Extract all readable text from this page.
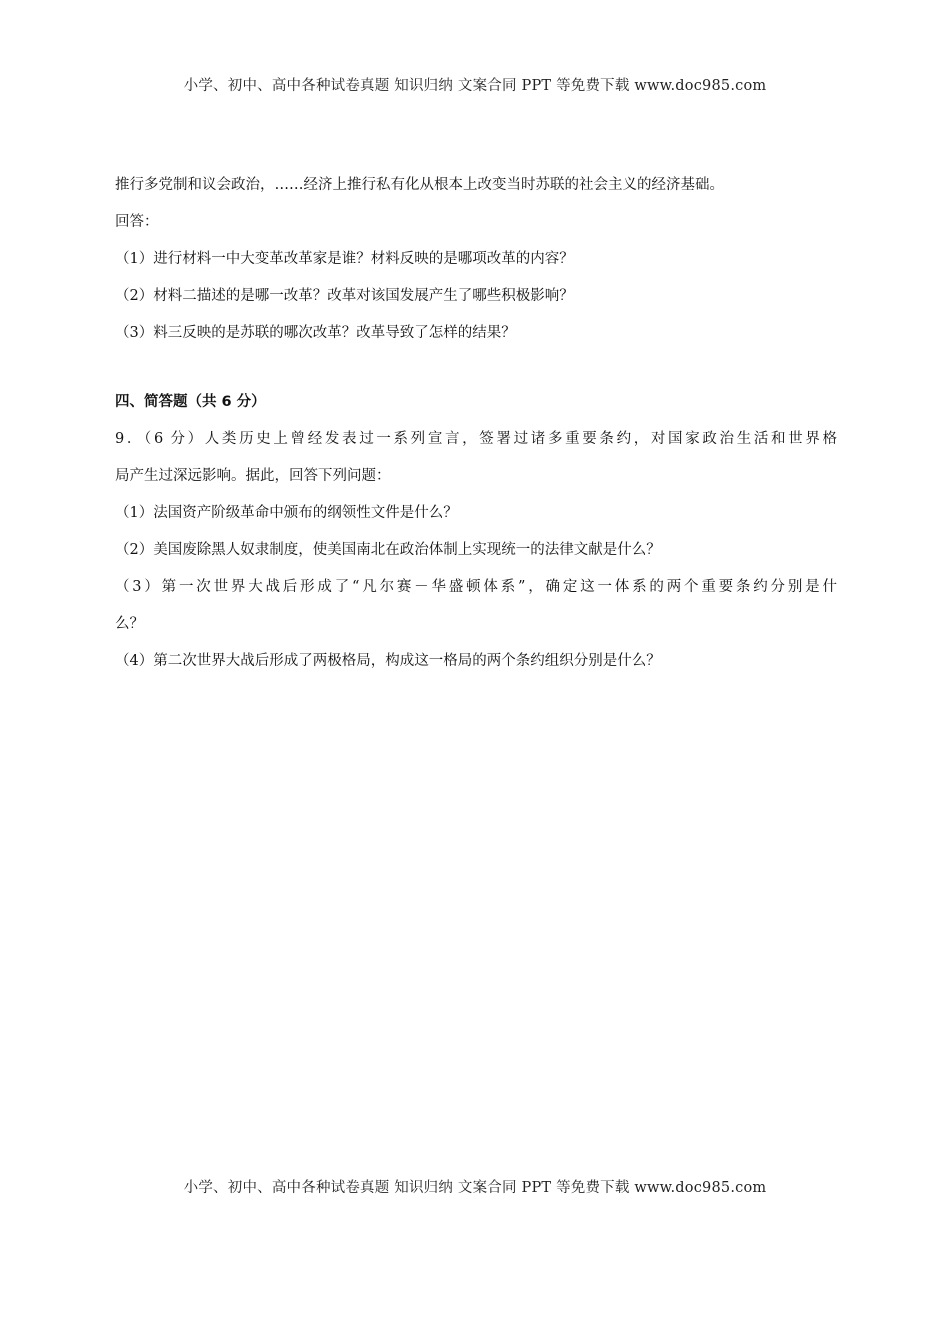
小学、初中、高中各种试卷真题 知识归纳 文案合同 PPT 等免费下载 www.doc985.com
推行多党制和议会政治，……经济上推行私有化从根本上改变当时苏联的社会主义的经济基础。
回答：
（1）进行材料一中大变革改革家是谁？材料反映的是哪项改革的内容？
（2）材料二描述的是哪一改革？改革对该国发展产生了哪些积极影响？
（3）料三反映的是苏联的哪次改革？改革导致了怎样的结果？
四、简答题（共 6 分）
9．（6 分）人类历史上曾经发表过一系列宣言，签署过诸多重要条约，对国家政治生活和世界格
局产生过深远影响。据此，回答下列问题：
（1）法国资产阶级革命中颁布的纲领性文件是什么？
（2）美国废除黑人奴隶制度，使美国南北在政治体制上实现统一的法律文献是什么？
（3）第一次世界大战后形成了“凡尔赛－华盛顿体系”，确定这一体系的两个重要条约分别是什
么？
（4）第二次世界大战后形成了两极格局，构成这一格局的两个条约组织分别是什么？
小学、初中、高中各种试卷真题 知识归纳 文案合同 PPT 等免费下载 www.doc985.com
